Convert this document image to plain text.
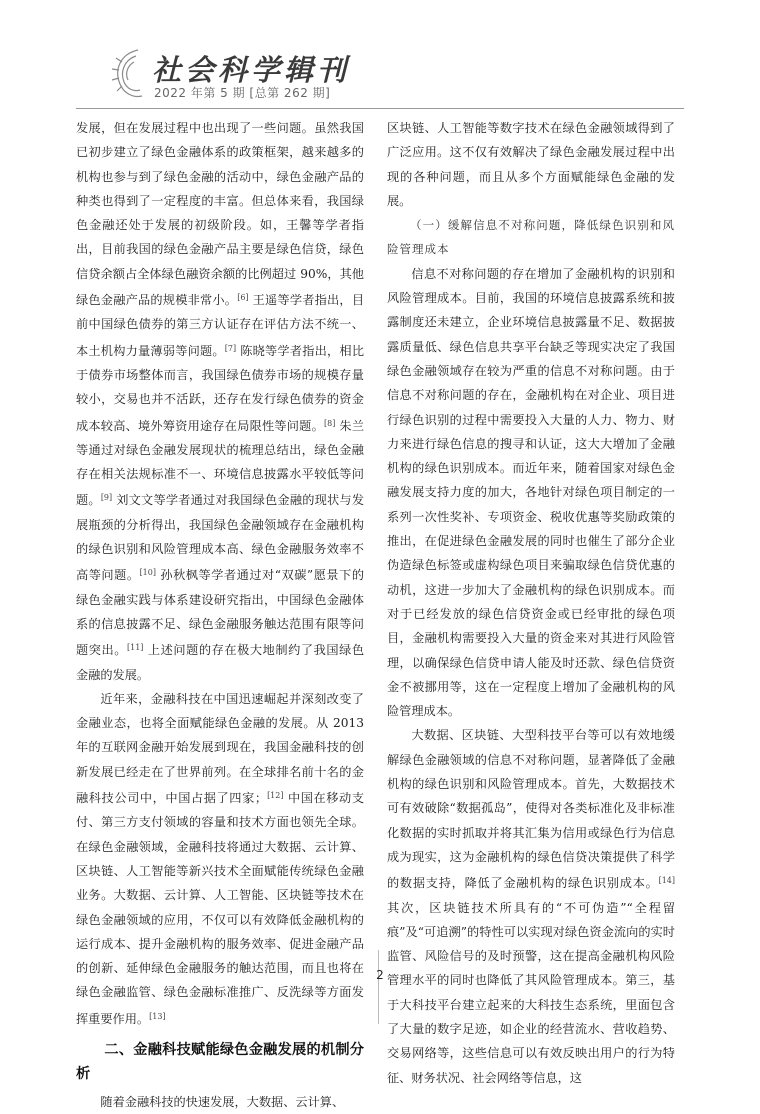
社会科学辑刊
2022 年第 5 期 [总第 262 期]

发展，但在发展过程中也出现了一些问题。虽然我国已初步建立了绿色金融体系的政策框架，越来越多的机构也参与到了绿色金融的活动中，绿色金融产品的种类也得到了一定程度的丰富。但总体来看，我国绿色金融还处于发展的初级阶段。如，王馨等学者指出，目前我国的绿色金融产品主要是绿色信贷，绿色信贷余额占全体绿色融资余额的比例超过 90%，其他绿色金融产品的规模非常小。[6] 王遥等学者指出，目前中国绿色债券的第三方认证存在评估方法不统一、本土机构力量薄弱等问题。[7] 陈晓等学者指出，相比于债券市场整体而言，我国绿色债券市场的规模存量较小，交易也并不活跃，还存在发行绿色债券的资金成本较高、境外筹资用途存在局限性等问题。[8] 朱兰等通过对绿色金融发展现状的梳理总结出，绿色金融存在相关法规标准不一、环境信息披露水平较低等问题。[9] 刘文文等学者通过对我国绿色金融的现状与发展瓶颈的分析得出，我国绿色金融领域存在金融机构的绿色识别和风险管理成本高、绿色金融服务效率不高等问题。[10] 孙秋枫等学者通过对“双碳”愿景下的绿色金融实践与体系建设研究指出，中国绿色金融体系的信息披露不足、绿色金融服务触达范围有限等问题突出。[11] 上述问题的存在极大地制约了我国绿色金融的发展。

近年来，金融科技在中国迅速崛起并深刻改变了金融业态，也将全面赋能绿色金融的发展。从 2013 年的互联网金融开始发展到现在，我国金融科技的创新发展已经走在了世界前列。在全球排名前十名的金融科技公司中，中国占据了四家；[12] 中国在移动支付、第三方支付领域的容量和技术方面也领先全球。在绿色金融领域，金融科技将通过大数据、云计算、区块链、人工智能等新兴技术全面赋能传统绿色金融业务。大数据、云计算、人工智能、区块链等技术在绿色金融领域的应用，不仅可以有效降低金融机构的运行成本、提升金融机构的服务效率、促进金融产品的创新、延伸绿色金融服务的触达范围，而且也将在绿色金融监管、绿色金融标准推广、反洗绿等方面发挥重要作用。[13]

二、金融科技赋能绿色金融发展的机制分析

随着金融科技的快速发展，大数据、云计算、

区块链、人工智能等数字技术在绿色金融领域得到了广泛应用。这不仅有效解决了绿色金融发展过程中出现的各种问题，而且从多个方面赋能绿色金融的发展。

（一）缓解信息不对称问题，降低绿色识别和风险管理成本

信息不对称问题的存在增加了金融机构的识别和风险管理成本。目前，我国的环境信息披露系统和披露制度还未建立，企业环境信息披露量不足、数据披露质量低、绿色信息共享平台缺乏等现实决定了我国绿色金融领域存在较为严重的信息不对称问题。由于信息不对称问题的存在，金融机构在对企业、项目进行绿色识别的过程中需要投入大量的人力、物力、财力来进行绿色信息的搜寻和认证，这大大增加了金融机构的绿色识别成本。而近年来，随着国家对绿色金融发展支持力度的加大，各地针对绿色项目制定的一系列一次性奖补、专项资金、税收优惠等奖励政策的推出，在促进绿色金融发展的同时也催生了部分企业伪造绿色标签或虚构绿色项目来骗取绿色信贷优惠的动机，这进一步加大了金融机构的绿色识别成本。而对于已经发放的绿色信贷资金或已经审批的绿色项目，金融机构需要投入大量的资金来对其进行风险管理，以确保绿色信贷申请人能及时还款、绿色信贷资金不被挪用等，这在一定程度上增加了金融机构的风险管理成本。

大数据、区块链、大型科技平台等可以有效地缓解绿色金融领域的信息不对称问题，显著降低了金融机构的绿色识别和风险管理成本。首先，大数据技术可有效破除“数据孤岛”，使得对各类标准化及非标准化数据的实时抓取并将其汇集为信用或绿色行为信息成为现实，这为金融机构的绿色信贷决策提供了科学的数据支持，降低了金融机构的绿色识别成本。[14] 其次，区块链技术所具有的“不可伪造”“全程留痕”及“可追溯”的特性可以实现对绿色资金流向的实时监管、风险信号的及时预警，这在提高金融机构风险管理水平的同时也降低了其风险管理成本。第三，基于大科技平台建立起来的大科技生态系统，里面包含了大量的数字足迹，如企业的经营流水、营收趋势、交易网络等，这些信息可以有效反映出用户的行为特征、财务状况、社会网络等信息，这

2
